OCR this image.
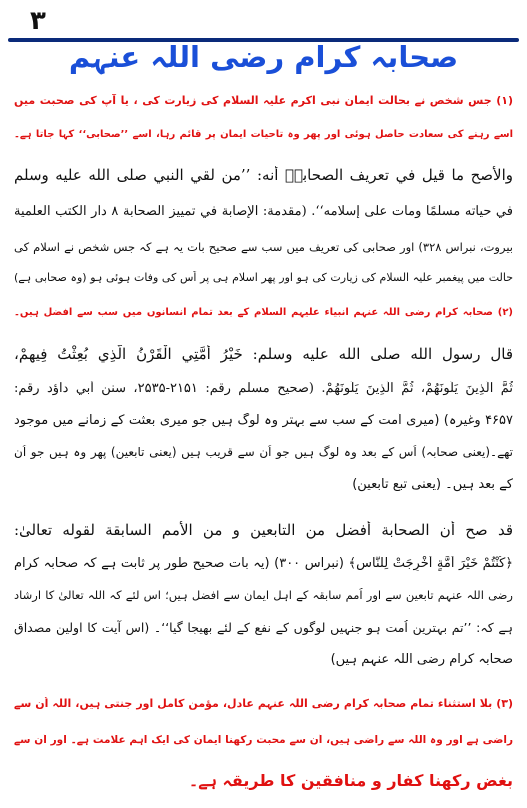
۳
صحابہ کرام رضی اللہ عنہم
(۱) جس شخص نے بحالت ایمان نبی اکرم علیہ السلام کی زیارت کی ، یا آپ کی صحبت میں
اُسے رہنے کی سعادت حاصل ہوئی اور پھر وہ تاحیات ایمان پر قائم رہا، اُسے ’’صحابی‘‘ کہا جاتا ہے۔
والأصح ما قيل في تعريف الصحابيؓ أنه: ’’من لقي النبي صلى الله عليه وسلم
في حياته مسلمًا ومات على إسلامه‘‘. (مقدمة: الإصابة في تمييز الصحابة ۸ دار الكتب العلمية
بيروت، نبراس ٣٢٨) اور صحابی کی تعریف میں سب سے صحیح بات یہ ہے کہ جس شخص نے اسلام کی
حالت میں پیغمبر علیہ السلام کی زیارت کی ہو اور پھر اسلام ہی پر اُس کی وفات ہوئی ہو (وہ صحابی ہے)
(۲) صحابہ کرام رضی اللہ عنہم انبیاء علیہم السلام کے بعد تمام انسانوں میں سب سے افضل ہیں۔
قال رسول الله صلى الله عليه وسلم: خَيْرُ أُمَّتِي الْقَرْنُ الَّذِي بُعِثْتُ فِيهِمْ،
ثُمَّ الَّذِينَ يَلُونَهُمْ، ثُمَّ الَّذِينَ يَلُونَهُمْ. (صحیح مسلم رقم: ۲۱۵۱-۲۵۳۵، سنن أبي داؤد رقم:
۴۶۵۷ وغیرہ) (میری اُمت کے سب سے بہتر وہ لوگ ہیں جو میری بعثت کے زمانے میں موجود
تھے۔(یعنی صحابہ) اُس کے بعد وہ لوگ ہیں جو اُن سے قریب ہیں (یعنی تابعین) پھر وہ ہیں جو اُن
کے بعد ہیں۔ (یعنی تبع تابعین)
قد صح أن الصحابة أفضل من التابعين و من الأمم السابقة لقوله تعالىٰ:
﴿كُنْتُمْ خَيْرَ أُمَّةٍ أُخْرِجَتْ لِلنَّاسِ﴾ (نبراس ۳۰۰) (یہ بات صحیح طور پر ثابت ہے کہ صحابہ کرام
رضی اللہ عنہم تابعین سے اور اُمم سابقہ کے اہل ایمان سے افضل ہیں؛ اس لئے کہ اللہ تعالیٰ کا ارشاد
ہے کہ: ’’تم بہترین اُمت ہو جنہیں لوگوں کے نفع کے لئے بھیجا گیا‘‘۔ (اس آیت کا اولین مصداق
صحابہ کرام رضی اللہ عنہم ہیں)
(۳) بلا استثناء تمام صحابہ کرام رضی اللہ عنہم عادل، مؤمن کامل اور جنتی ہیں، اللہ اُن سے
راضی ہے اور وہ اللہ سے راضی ہیں، اُن سے محبت رکھنا ایمان کی ایک اہم علامت ہے۔ اور اُن سے
بغض رکھنا کفار و منافقین کا طریقہ ہے۔
